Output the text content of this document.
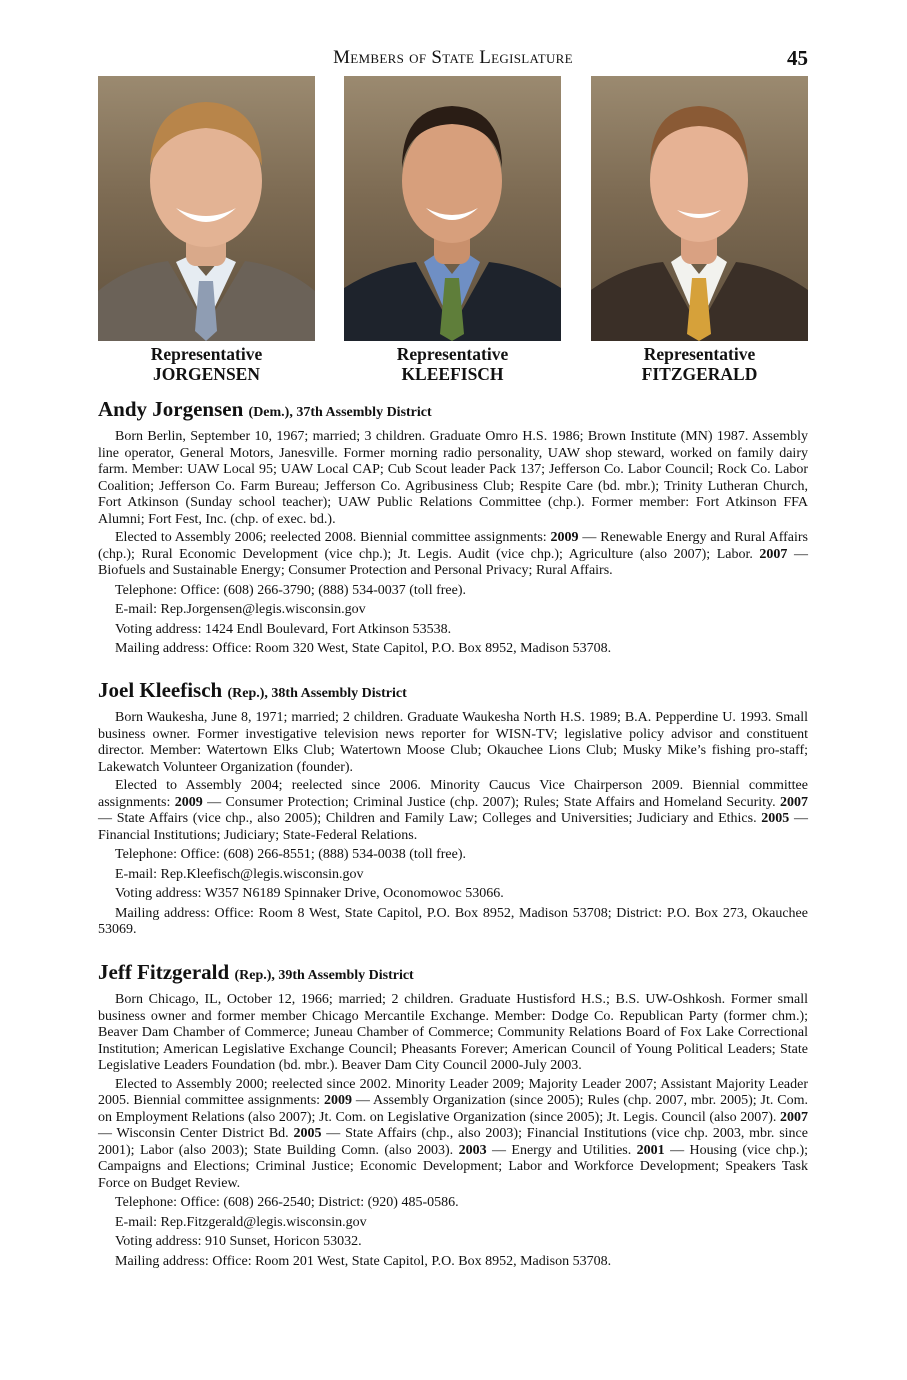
Members of State Legislature	45
Representative
JORGENSEN
Representative
KLEEFISCH
Representative
FITZGERALD
Andy Jorgensen (Dem.), 37th Assembly District

Born Berlin, September 10, 1967; married; 3 children. Graduate Omro H.S. 1986; Brown Institute (MN) 1987. Assembly line operator, General Motors, Janesville. Former morning radio personality, UAW shop steward, worked on family dairy farm. Member: UAW Local 95; UAW Local CAP; Cub Scout leader Pack 137; Jefferson Co. Labor Council; Rock Co. Labor Coalition; Jefferson Co. Farm Bureau; Jefferson Co. Agribusiness Club; Respite Care (bd. mbr.); Trinity Lutheran Church, Fort Atkinson (Sunday school teacher); UAW Public Relations Committee (chp.). Former member: Fort Atkinson FFA Alumni; Fort Fest, Inc. (chp. of exec. bd.).

Elected to Assembly 2006; reelected 2008. Biennial committee assignments: 2009 — Renewable Energy and Rural Affairs (chp.); Rural Economic Development (vice chp.); Jt. Legis. Audit (vice chp.); Agriculture (also 2007); Labor. 2007 — Biofuels and Sustainable Energy; Consumer Protection and Personal Privacy; Rural Affairs.

Telephone: Office: (608) 266-3790; (888) 534-0037 (toll free).

E-mail: Rep.Jorgensen@legis.wisconsin.gov

Voting address: 1424 Endl Boulevard, Fort Atkinson 53538.

Mailing address: Office: Room 320 West, State Capitol, P.O. Box 8952, Madison 53708.

Joel Kleefisch (Rep.), 38th Assembly District

Born Waukesha, June 8, 1971; married; 2 children. Graduate Waukesha North H.S. 1989; B.A. Pepperdine U. 1993. Small business owner. Former investigative television news reporter for WISN-TV; legislative policy advisor and constituent director. Member: Watertown Elks Club; Watertown Moose Club; Okauchee Lions Club; Musky Mike’s fishing pro-staff; Lakewatch Volunteer Organization (founder).

Elected to Assembly 2004; reelected since 2006. Minority Caucus Vice Chairperson 2009. Biennial committee assignments: 2009 — Consumer Protection; Criminal Justice (chp. 2007); Rules; State Affairs and Homeland Security. 2007 — State Affairs (vice chp., also 2005); Children and Family Law; Colleges and Universities; Judiciary and Ethics. 2005 — Financial Institutions; Judiciary; State-Federal Relations.

Telephone: Office: (608) 266-8551; (888) 534-0038 (toll free).

E-mail: Rep.Kleefisch@legis.wisconsin.gov

Voting address: W357 N6189 Spinnaker Drive, Oconomowoc 53066.

Mailing address: Office: Room 8 West, State Capitol, P.O. Box 8952, Madison 53708; District: P.O. Box 273, Okauchee 53069.

Jeff Fitzgerald (Rep.), 39th Assembly District

Born Chicago, IL, October 12, 1966; married; 2 children. Graduate Hustisford H.S.; B.S. UW-Oshkosh. Former small business owner and former member Chicago Mercantile Exchange. Member: Dodge Co. Republican Party (former chm.); Beaver Dam Chamber of Commerce; Juneau Chamber of Commerce; Community Relations Board of Fox Lake Correctional Institution; American Legislative Exchange Council; Pheasants Forever; American Council of Young Political Leaders; State Legislative Leaders Foundation (bd. mbr.). Beaver Dam City Council 2000-July 2003.

Elected to Assembly 2000; reelected since 2002. Minority Leader 2009; Majority Leader 2007; Assistant Majority Leader 2005. Biennial committee assignments: 2009 — Assembly Organization (since 2005); Rules (chp. 2007, mbr. 2005); Jt. Com. on Employment Relations (also 2007); Jt. Com. on Legislative Organization (since 2005); Jt. Legis. Council (also 2007). 2007 — Wisconsin Center District Bd. 2005 — State Affairs (chp., also 2003); Financial Institutions (vice chp. 2003, mbr. since 2001); Labor (also 2003); State Building Comn. (also 2003). 2003 — Energy and Utilities. 2001 — Housing (vice chp.); Campaigns and Elections; Criminal Justice; Economic Development; Labor and Workforce Development; Speakers Task Force on Budget Review.

Telephone: Office: (608) 266-2540; District: (920) 485-0586.

E-mail: Rep.Fitzgerald@legis.wisconsin.gov

Voting address: 910 Sunset, Horicon 53032.

Mailing address: Office: Room 201 West, State Capitol, P.O. Box 8952, Madison 53708.
